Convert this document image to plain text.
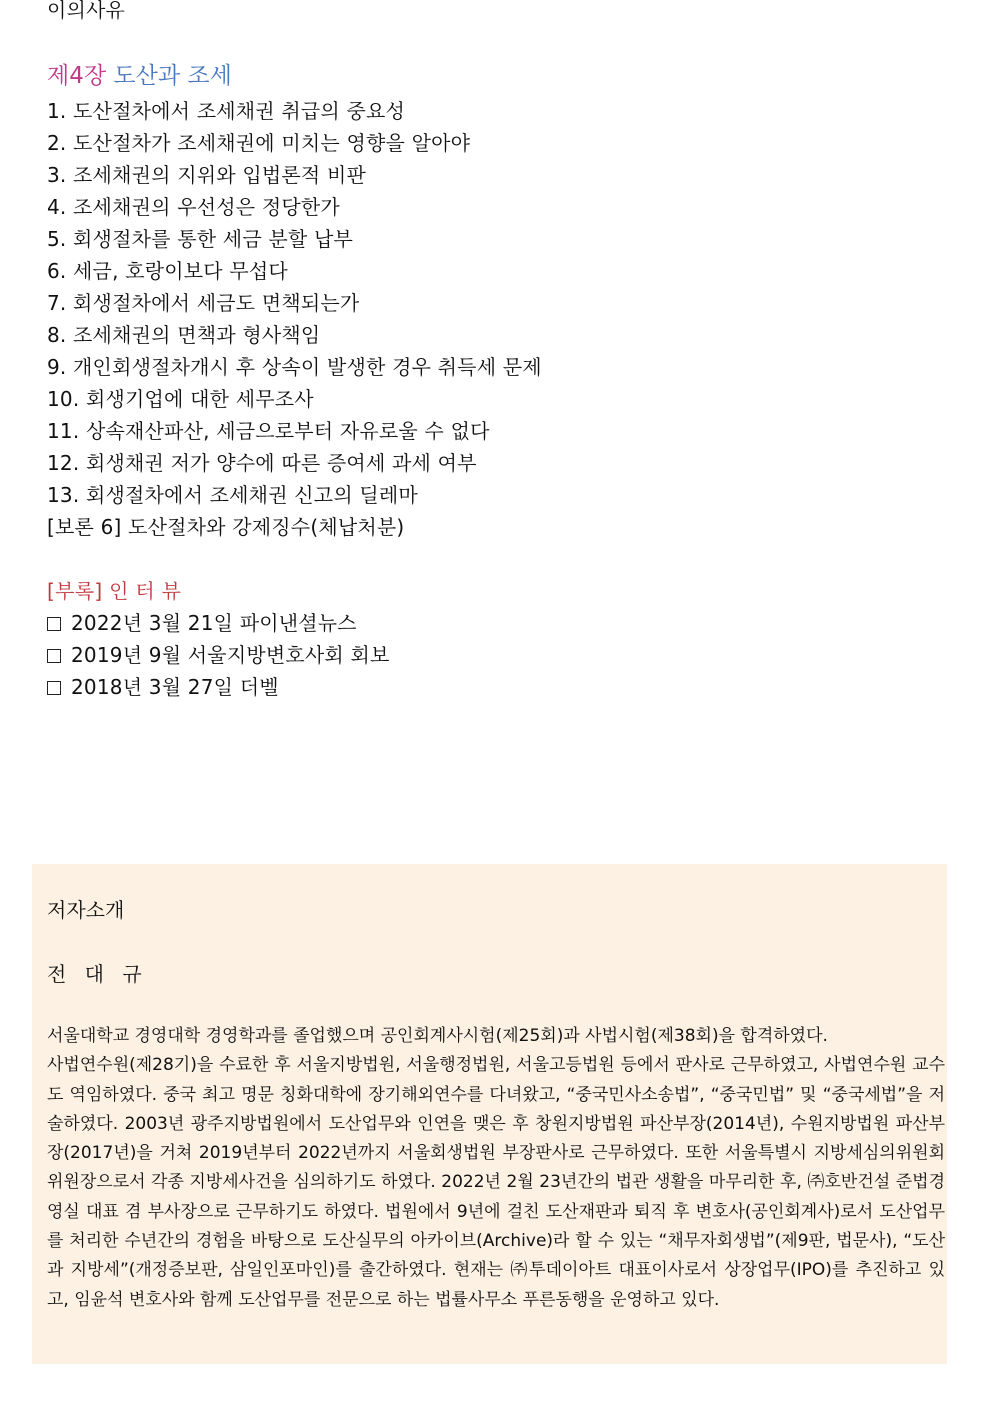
이의사유
제4장 도산과 조세
1. 도산절차에서 조세채권 취급의 중요성
2. 도산절차가 조세채권에 미치는 영향을 알아야
3. 조세채권의 지위와 입법론적 비판
4. 조세채권의 우선성은 정당한가
5. 회생절차를 통한 세금 분할 납부
6. 세금, 호랑이보다 무섭다
7. 회생절차에서 세금도 면책되는가
8. 조세채권의 면책과 형사책임
9. 개인회생절차개시 후 상속이 발생한 경우 취득세 문제
10. 회생기업에 대한 세무조사
11. 상속재산파산, 세금으로부터 자유로울 수 없다
12. 회생채권 저가 양수에 따른 증여세 과세 여부
13. 회생절차에서 조세채권 신고의 딜레마
[보론 6] 도산절차와 강제징수(체납처분)
[부록] 인 터 뷰
2022년 3월 21일 파이낸셜뉴스
2019년 9월 서울지방변호사회 회보
2018년 3월 27일 더벨
저자소개
전 대 규

서울대학교 경영대학 경영학과를 졸업했으며 공인회계사시험(제25회)과 사법시험(제38회)을 합격하였다.

사법연수원(제28기)을 수료한 후 서울지방법원, 서울행정법원, 서울고등법원 등에서 판사로 근무하였고, 사법연수원 교수도 역임하였다. 중국 최고 명문 칭화대학에 장기해외연수를 다녀왔고, “중국민사소송법”, “중국민법” 및 “중국세법”을 저술하였다. 2003년 광주지방법원에서 도산업무와 인연을 맺은 후 창원지방법원 파산부장(2014년), 수원지방법원 파산부장(2017년)을 거쳐 2019년부터 2022년까지 서울회생법원 부장판사로 근무하였다. 또한 서울특별시 지방세심의위원회 위원장으로서 각종 지방세사건을 심의하기도 하였다. 2022년 2월 23년간의 법관 생활을 마무리한 후, ㈜호반건설 준법경영실 대표 겸 부사장으로 근무하기도 하였다. 법원에서 9년에 걸친 도산재판과 퇴직 후 변호사(공인회계사)로서 도산업무를 처리한 수년간의 경험을 바탕으로 도산실무의 아카이브(Archive)라 할 수 있는 “채무자회생법”(제9판, 법문사), “도산과 지방세”(개정증보판, 삼일인포마인)를 출간하였다. 현재는 ㈜투데이아트 대표이사로서 상장업무(IPO)를 추진하고 있고, 임윤석 변호사와 함께 도산업무를 전문으로 하는 법률사무소 푸른동행을 운영하고 있다.
